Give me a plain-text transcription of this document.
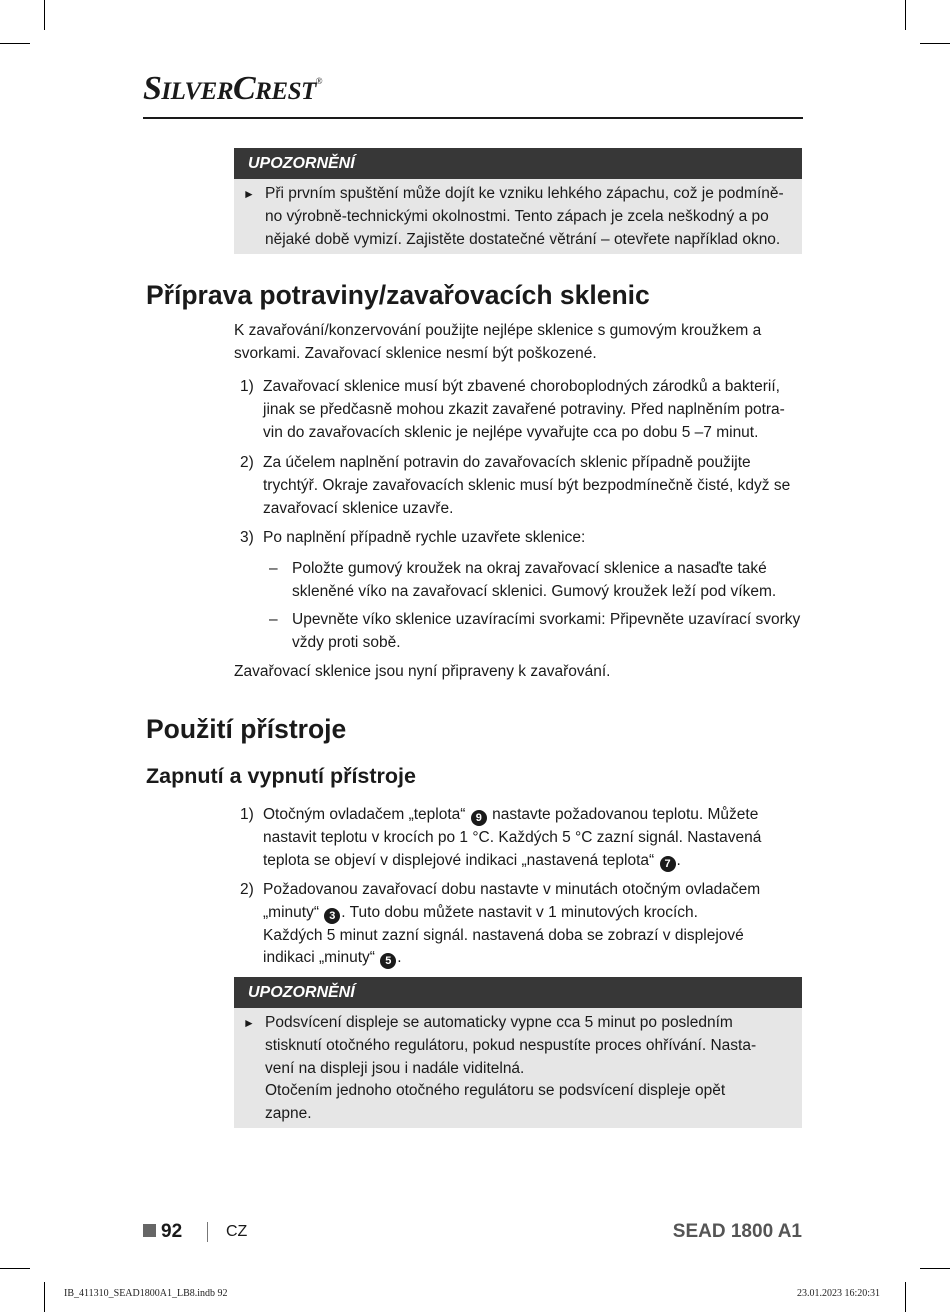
SILVERCREST®
UPOZORNĚNÍ
► Při prvním spuštění může dojít ke vzniku lehkého zápachu, což je podmíně-
no výrobně-technickými okolnostmi. Tento zápach je zcela neškodný a po
nějaké době vymizí. Zajistěte dostatečné větrání – otevřete například okno.
Příprava potraviny/zavařovacích sklenic
K zavařování/konzervování použijte nejlépe sklenice s gumovým kroužkem a
svorkami. Zavařovací sklenice nesmí být poškozené.
1) Zavařovací sklenice musí být zbavené choroboplodných zárodků a bakterií,
jinak se předčasně mohou zkazit zavařené potraviny. Před naplněním potra-
vin do zavařovacích sklenic je nejlépe vyvařujte cca po dobu 5 –7 minut.
2) Za účelem naplnění potravin do zavařovacích sklenic případně použijte
trychtýř. Okraje zavařovacích sklenic musí být bezpodmínečně čisté, když se
zavařovací sklenice uzavře.
3) Po naplnění případně rychle uzavřete sklenice:
– Položte gumový kroužek na okraj zavařovací sklenice a nasaďte také
skleněné víko na zavařovací sklenici. Gumový kroužek leží pod víkem.
– Upevněte víko sklenice uzavíracími svorkami: Připevněte uzavírací svorky
vždy proti sobě.
Zavařovací sklenice jsou nyní připraveny k zavařování.
Použití přístroje
Zapnutí a vypnutí přístroje
1) Otočným ovladačem „teplota“ 9 nastavte požadovanou teplotu. Můžete
nastavit teplotu v krocích po 1 °C. Každých 5 °C zazní signál. Nastavená
teplota se objeví v displejové indikaci „nastavená teplota“ 7 .
2) Požadovanou zavařovací dobu nastavte v minutách otočným ovladačem
„minuty“ 3 . Tuto dobu můžete nastavit v 1 minutových krocích.
Každých 5 minut zazní signál. nastavená doba se zobrazí v displejové
indikaci „minuty“ 5 .
UPOZORNĚNÍ
► Podsvícení displeje se automaticky vypne cca 5 minut po posledním
stisknutí otočného regulátoru, pokud nespustíte proces ohřívání. Nasta-
vení na displeji jsou i nadále viditelná.
Otočením jednoho otočného regulátoru se podsvícení displeje opět
zapne.
92	CZ	SEAD 1800 A1
IB_411310_SEAD1800A1_LB8.indb 92	23.01.2023 16:20:31
